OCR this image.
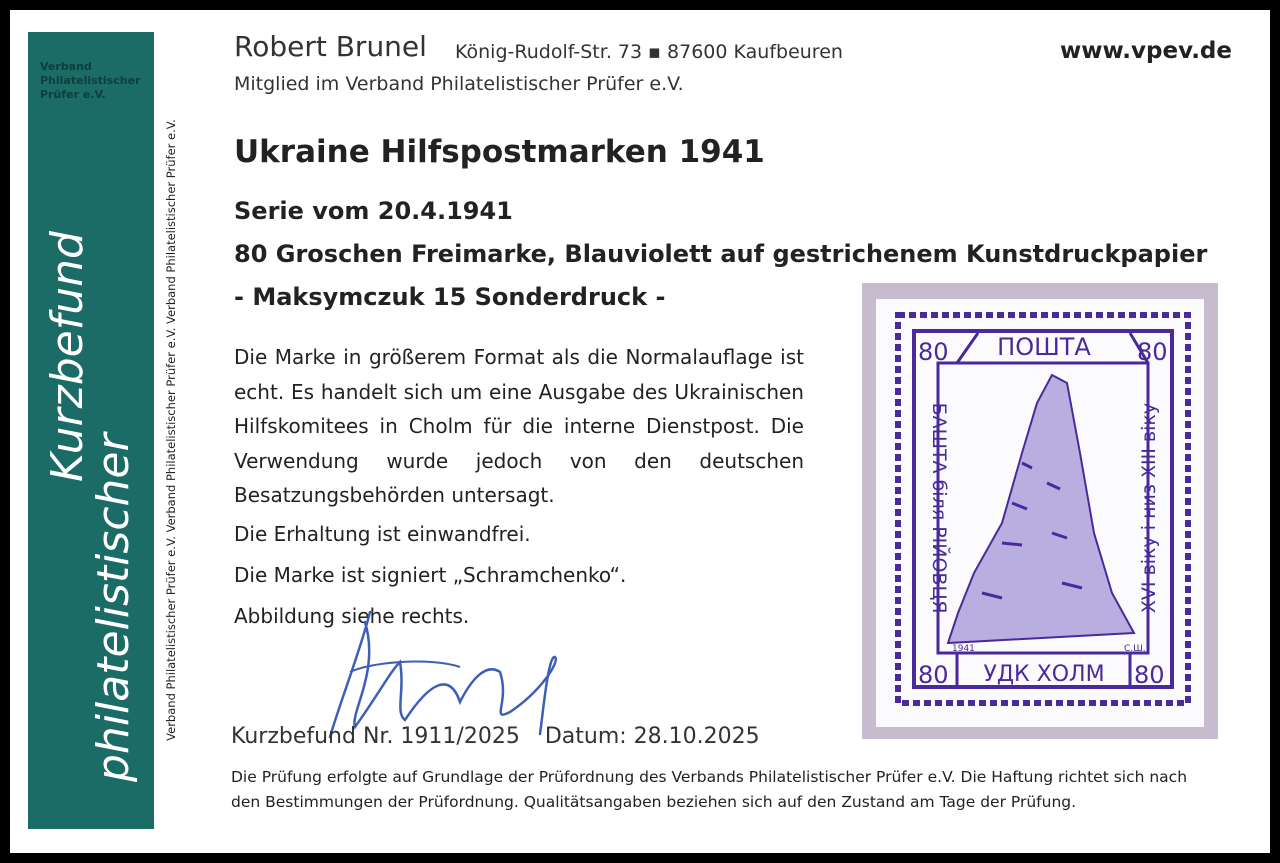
Verband
Philatelistischer
Prüfer e.V.
Kurzbefund
philatelistischer Verband Philatelistischer Prüfer e.V. Verband Philatelistischer Prüfer e.V. Verband Philatelistischer Prüfer e.V.
Robert Brunel König-Rudolf-Str. 73 ▪ 87600 Kaufbeuren
Mitglied im Verband Philatelistischer Prüfer e.V.
www.vpev.de
Ukraine Hilfspostmarken 1941
Serie vom 20.4.1941
80 Groschen Freimarke, Blauviolett auf gestrichenem Kunstdruckpapier
- Maksymczuk 15 Sonderdruck -
Die Marke in größerem Format als die Normalauflage ist echt. Es handelt sich um eine Ausgabe des Ukrainischen Hilfskomitees in Cholm für die interne Dienstpost. Die Verwendung wurde jedoch von den deutschen Besatzungsbehörden untersagt.
Die Erhaltung ist einwandfrei.
Die Marke ist signiert „Schramchenko“.
Abbildung siehe rechts.
Kurzbefund Nr. 1911/2025 Datum: 28.10.2025
Die Prüfung erfolgte auf Grundlage der Prüfordnung des Verbands Philatelistischer Prüfer e.V. Die Haftung richtet sich nach den Bestimmungen der Prüfordnung. Qualitätsangaben beziehen sich auf den Zustand am Tage der Prüfung.
80	80
80	80
ПОШТА
УДК ХОЛМ
БАШТА біля РІЙОВЦЯ	XVI віку і низ XIII віку
1941	С.Ш.
